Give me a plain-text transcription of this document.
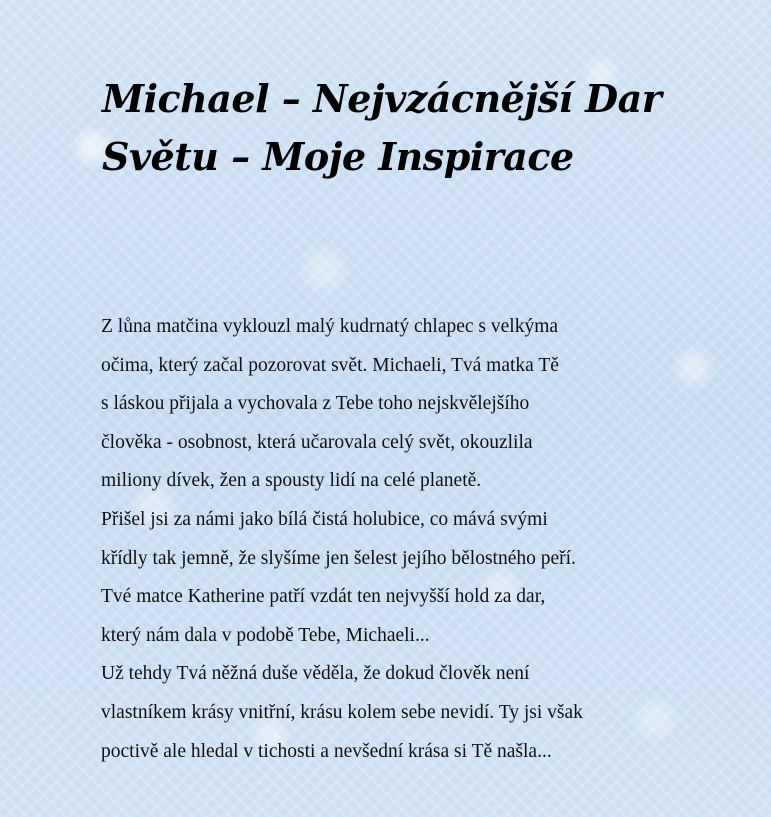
Michael – Nejvzácnější Dar
Světu – Moje Inspirace
Z lůna matčina vyklouzl malý kudrnatý chlapec s velkýma
očima, který začal pozorovat svět. Michaeli, Tvá matka Tě
s láskou přijala a vychovala z Tebe toho nejskvělejšího
člověka - osobnost, která učarovala celý svět, okouzlila
miliony dívek, žen a spousty lidí na celé planetě.
Přišel jsi za námi jako bílá čistá holubice, co mává svými
křídly tak jemně, že slyšíme jen šelest jejího bělostného peří.
Tvé matce Katherine patří vzdát ten nejvyšší hold za dar,
který nám dala v podobě Tebe, Michaeli...
Už tehdy Tvá něžná duše věděla, že dokud člověk není
vlastníkem krásy vnitřní, krásu kolem sebe nevidí. Ty jsi však
poctivě ale hledal v tichosti a nevšední krása si Tě našla...
